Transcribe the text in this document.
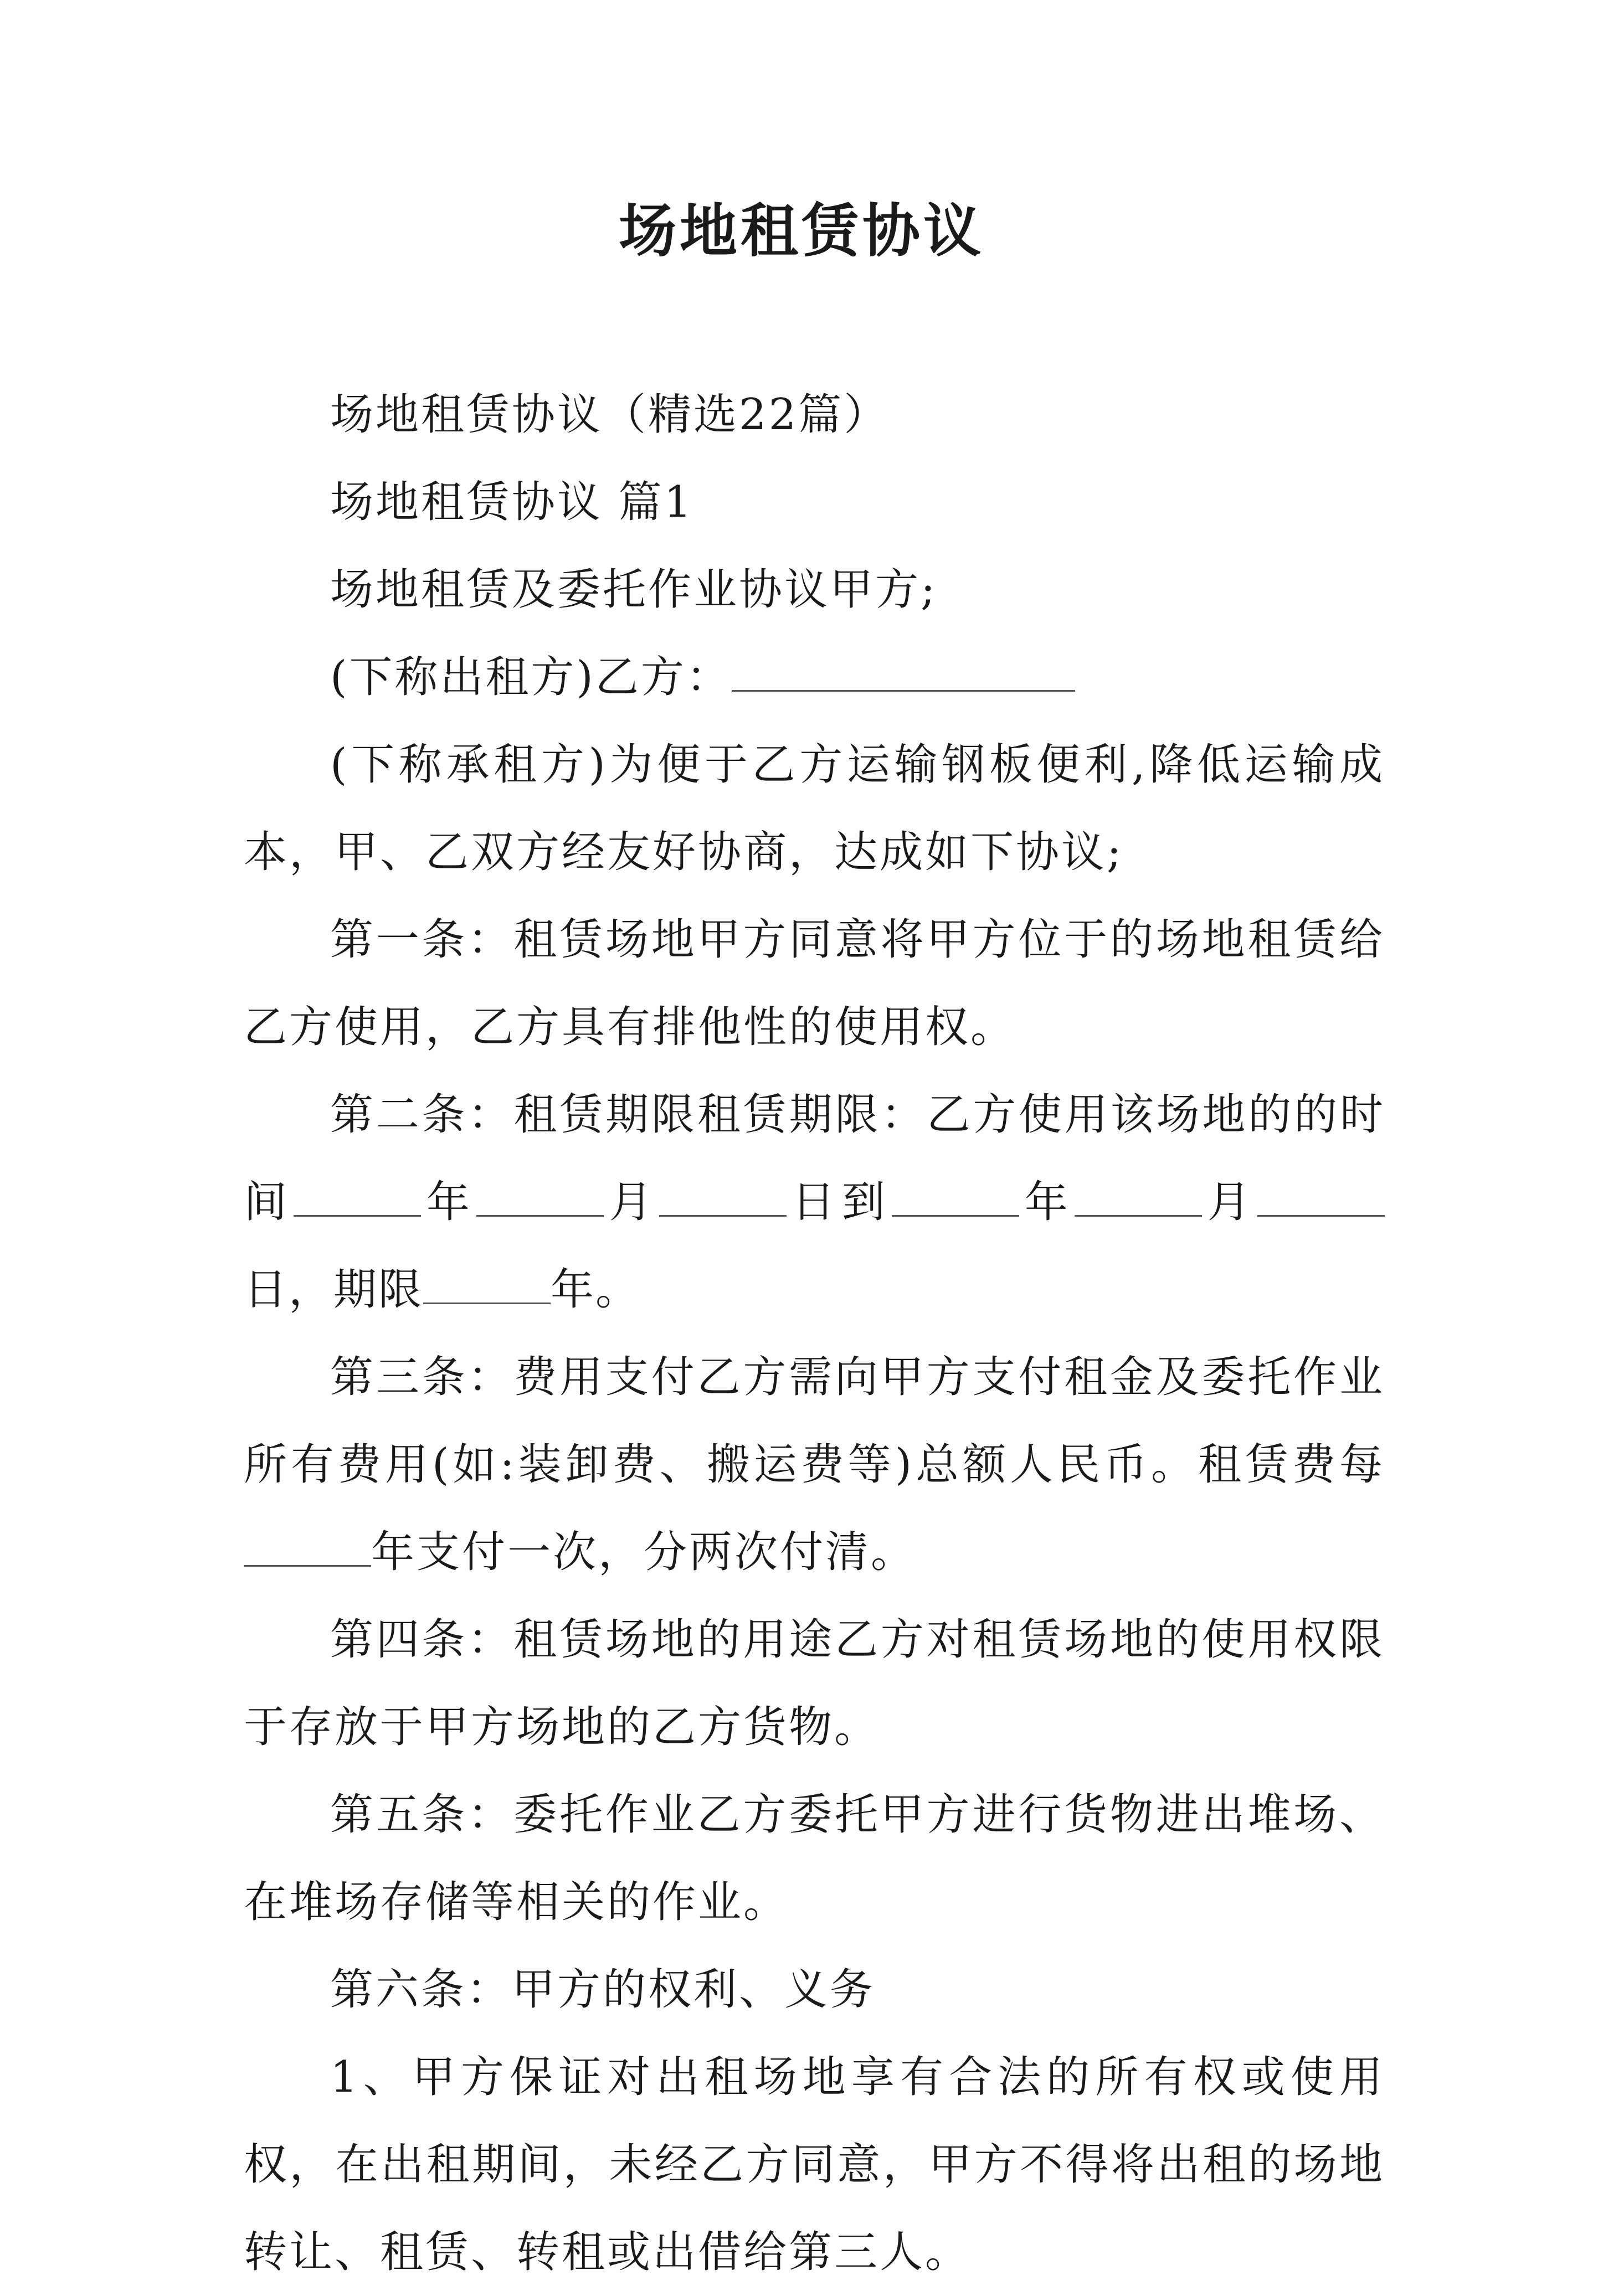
场地租赁协议

场地租赁协议（精选22篇）

场地租赁协议 篇1

场地租赁及委托作业协议甲方;

(下称出租方)乙方：

(下称承租方)为便于乙方运输钢板便利,降低运输成本，甲、乙双方经友好协商，达成如下协议;

第一条：租赁场地甲方同意将甲方位于的场地租赁给乙方使用，乙方具有排他性的使用权。

第二条：租赁期限租赁期限：乙方使用该场地的的时间	年	月	日到	年	月日，期限	年。

第三条：费用支付乙方需向甲方支付租金及委托作业所有费用(如:装卸费、搬运费等)总额人民币。租赁费每年支付一次，分两次付清。

第四条：租赁场地的用途乙方对租赁场地的使用权限于存放于甲方场地的乙方货物。

第五条：委托作业乙方委托甲方进行货物进出堆场、在堆场存储等相关的作业。

第六条：甲方的权利、义务

1、甲方保证对出租场地享有合法的所有权或使用权，在出租期间，未经乙方同意，甲方不得将出租的场地转让、租赁、转租或出借给第三人。
